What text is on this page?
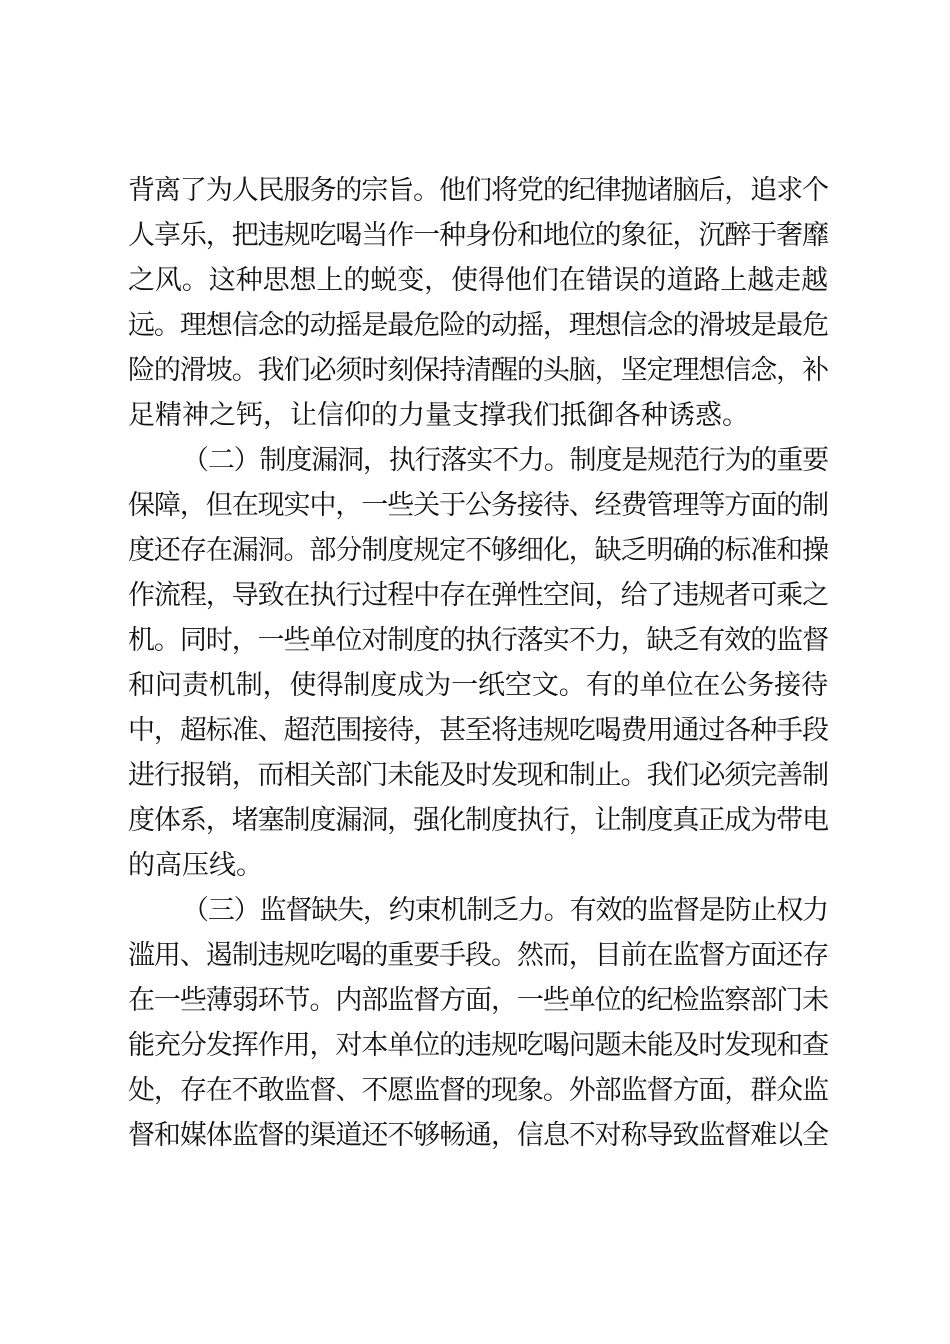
背离了为人民服务的宗旨。他们将党的纪律抛诸脑后，追求个
人享乐，把违规吃喝当作一种身份和地位的象征，沉醉于奢靡
之风。这种思想上的蜕变，使得他们在错误的道路上越走越
远。理想信念的动摇是最危险的动摇，理想信念的滑坡是最危
险的滑坡。我们必须时刻保持清醒的头脑，坚定理想信念，补
足精神之钙，让信仰的力量支撑我们抵御各种诱惑。
（二）制度漏洞，执行落实不力。制度是规范行为的重要
保障，但在现实中，一些关于公务接待、经费管理等方面的制
度还存在漏洞。部分制度规定不够细化，缺乏明确的标准和操
作流程，导致在执行过程中存在弹性空间，给了违规者可乘之
机。同时，一些单位对制度的执行落实不力，缺乏有效的监督
和问责机制，使得制度成为一纸空文。有的单位在公务接待
中，超标准、超范围接待，甚至将违规吃喝费用通过各种手段
进行报销，而相关部门未能及时发现和制止。我们必须完善制
度体系，堵塞制度漏洞，强化制度执行，让制度真正成为带电
的高压线。
（三）监督缺失，约束机制乏力。有效的监督是防止权力
滥用、遏制违规吃喝的重要手段。然而，目前在监督方面还存
在一些薄弱环节。内部监督方面，一些单位的纪检监察部门未
能充分发挥作用，对本单位的违规吃喝问题未能及时发现和查
处，存在不敢监督、不愿监督的现象。外部监督方面，群众监
督和媒体监督的渠道还不够畅通，信息不对称导致监督难以全
